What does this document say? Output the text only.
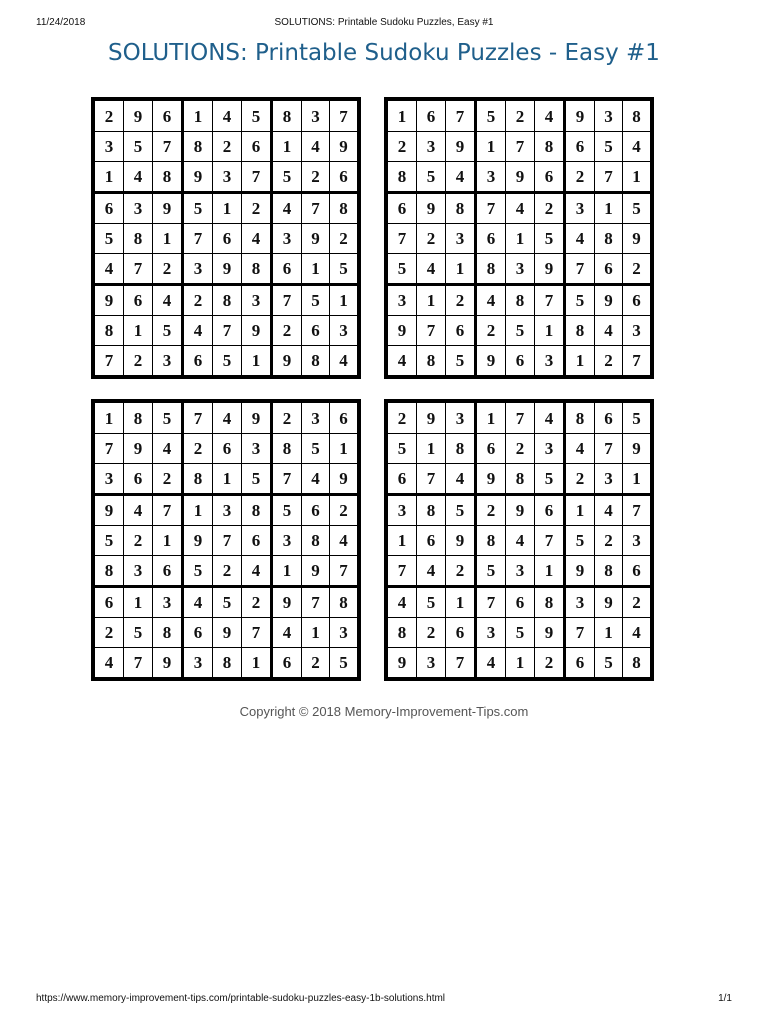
11/24/2018	SOLUTIONS: Printable Sudoku Puzzles, Easy #1
SOLUTIONS: Printable Sudoku Puzzles - Easy #1
2	9	6	1	4	5	8	3	7
3	5	7	8	2	6	1	4	9
1	4	8	9	3	7	5	2	6
6	3	9	5	1	2	4	7	8
5	8	1	7	6	4	3	9	2
4	7	2	3	9	8	6	1	5
9	6	4	2	8	3	7	5	1
8	1	5	4	7	9	2	6	3
7	2	3	6	5	1	9	8	4
1	6	7	5	2	4	9	3	8
2	3	9	1	7	8	6	5	4
8	5	4	3	9	6	2	7	1
6	9	8	7	4	2	3	1	5
7	2	3	6	1	5	4	8	9
5	4	1	8	3	9	7	6	2
3	1	2	4	8	7	5	9	6
9	7	6	2	5	1	8	4	3
4	8	5	9	6	3	1	2	7
1	8	5	7	4	9	2	3	6
7	9	4	2	6	3	8	5	1
3	6	2	8	1	5	7	4	9
9	4	7	1	3	8	5	6	2
5	2	1	9	7	6	3	8	4
8	3	6	5	2	4	1	9	7
6	1	3	4	5	2	9	7	8
2	5	8	6	9	7	4	1	3
4	7	9	3	8	1	6	2	5
2	9	3	1	7	4	8	6	5
5	1	8	6	2	3	4	7	9
6	7	4	9	8	5	2	3	1
3	8	5	2	9	6	1	4	7
1	6	9	8	4	7	5	2	3
7	4	2	5	3	1	9	8	6
4	5	1	7	6	8	3	9	2
8	2	6	3	5	9	7	1	4
9	3	7	4	1	2	6	5	8
Copyright © 2018 Memory-Improvement-Tips.com
https://www.memory-improvement-tips.com/printable-sudoku-puzzles-easy-1b-solutions.html	1/1
